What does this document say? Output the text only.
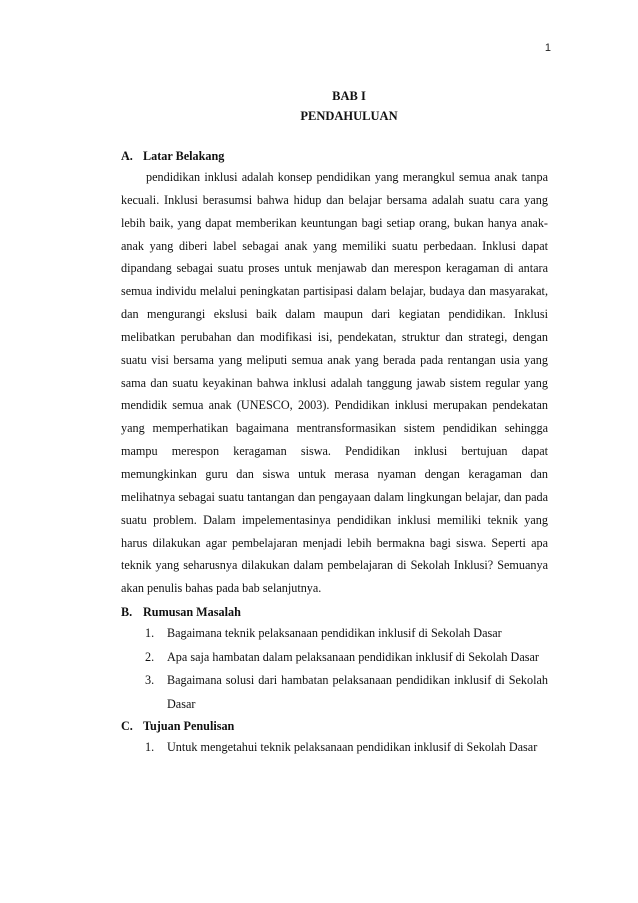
1
BAB I
PENDAHULUAN
A. Latar Belakang

pendidikan inklusi adalah konsep pendidikan yang merangkul semua anak tanpa kecuali. Inklusi berasumsi bahwa hidup dan belajar bersama adalah suatu cara yang lebih baik, yang dapat memberikan keuntungan bagi setiap orang, bukan hanya anak-anak yang diberi label sebagai anak yang memiliki suatu perbedaan. Inklusi dapat dipandang sebagai suatu proses untuk menjawab dan merespon keragaman di antara semua individu melalui peningkatan partisipasi dalam belajar, budaya dan masyarakat, dan mengurangi ekslusi baik dalam maupun dari kegiatan pendidikan. Inklusi melibatkan perubahan dan modifikasi isi, pendekatan, struktur dan strategi, dengan suatu visi bersama yang meliputi semua anak yang berada pada rentangan usia yang sama dan suatu keyakinan bahwa inklusi adalah tanggung jawab sistem regular yang mendidik semua anak (UNESCO, 2003). Pendidikan inklusi merupakan pendekatan yang memperhatikan bagaimana mentransformasikan sistem pendidikan sehingga mampu merespon keragaman siswa. Pendidikan inklusi bertujuan dapat memungkinkan guru dan siswa untuk merasa nyaman dengan keragaman dan melihatnya sebagai suatu tantangan dan pengayaan dalam lingkungan belajar, dan pada suatu problem. Dalam impelementasinya pendidikan inklusi memiliki teknik yang harus dilakukan agar pembelajaran menjadi lebih bermakna bagi siswa. Seperti apa teknik yang seharusnya dilakukan dalam pembelajaran di Sekolah Inklusi? Semuanya akan penulis bahas pada bab selanjutnya.

B. Rumusan Masalah
1. Bagaimana teknik pelaksanaan pendidikan inklusif di Sekolah Dasar
2. Apa saja hambatan dalam pelaksanaan pendidikan inklusif di Sekolah Dasar
3. Bagaimana solusi dari hambatan pelaksanaan pendidikan inklusif di Sekolah Dasar
C. Tujuan Penulisan
1. Untuk mengetahui teknik pelaksanaan pendidikan inklusif di Sekolah Dasar
